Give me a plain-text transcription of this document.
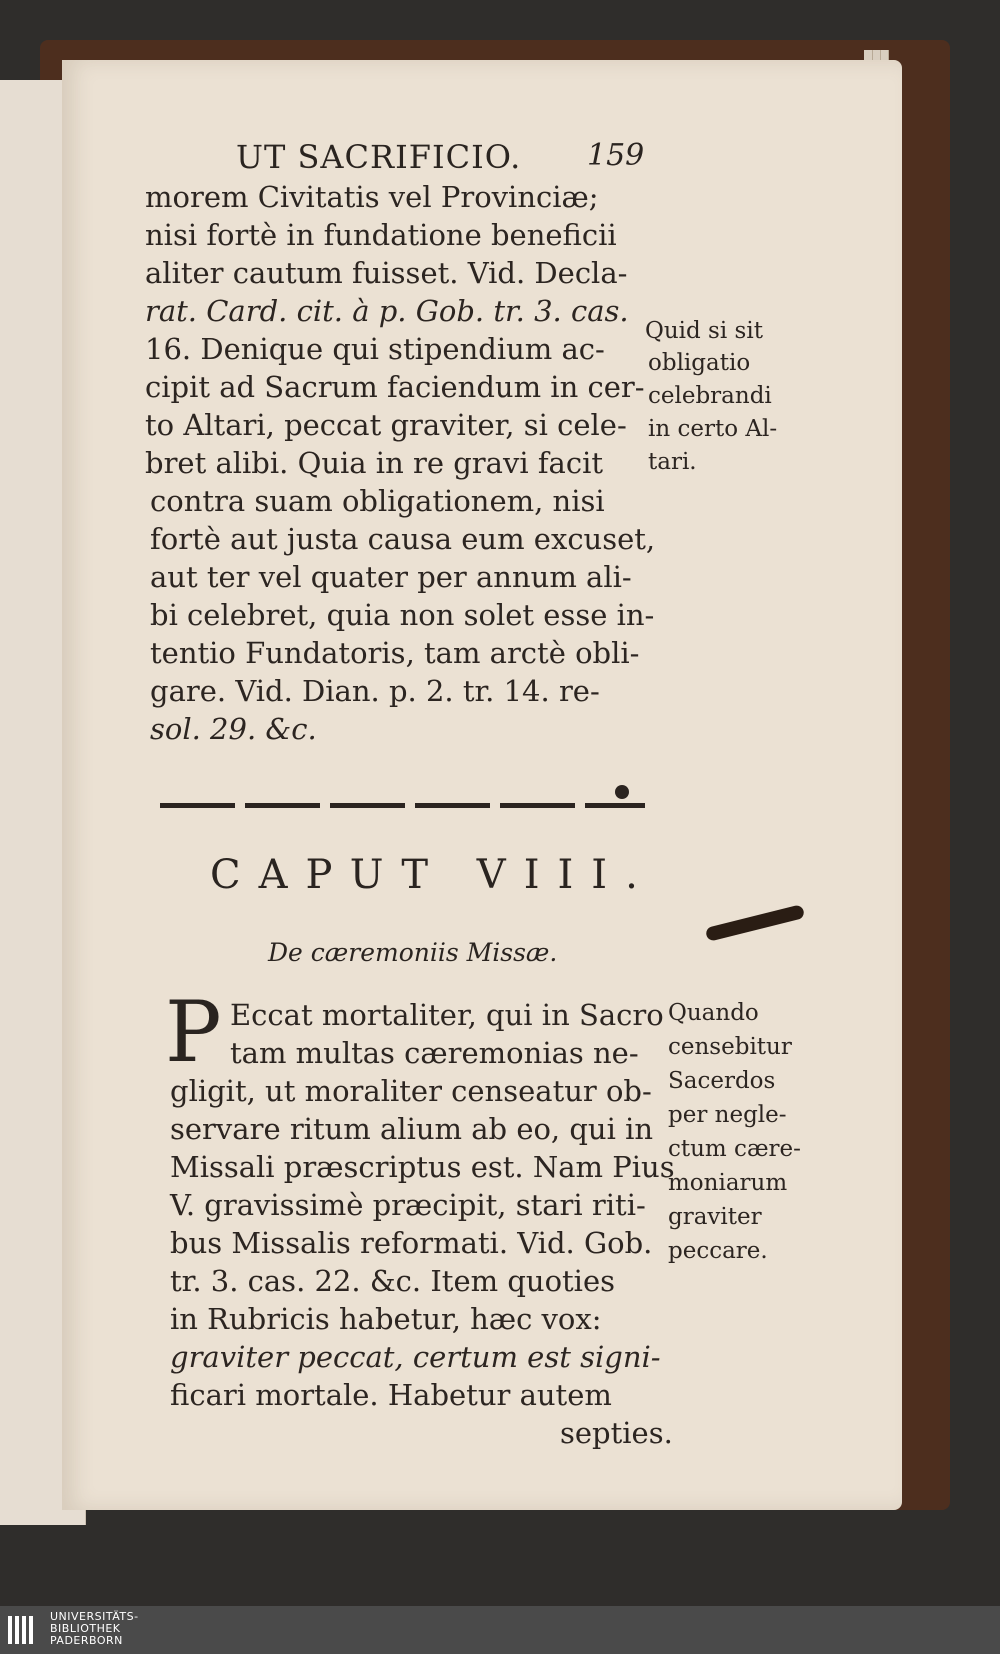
UT SACRIFICIO. 159
morem Civitatis vel Provinciæ;
nisi fortè in fundatione beneficii
aliter cautum fuisset. Vid. Decla-
rat. Card. cit. à p. Gob. tr. 3. cas.
16. Denique qui stipendium ac-
cipit ad Sacrum faciendum in cer-
to Altari, peccat graviter, si cele-
bret alibi. Quia in re gravi facit
contra suam obligationem, nisi
fortè aut justa causa eum excuset,
aut ter vel quater per annum ali-
bi celebret, quia non solet esse in-
tentio Fundatoris, tam arctè obli-
gare. Vid. Dian. p. 2. tr. 14. re-
sol. 29. &c.
Quid si sit
obligatio
celebrandi
in certo Al-
tari.
CAPUT VIII.
De cæremoniis Missæ.
P Eccat mortaliter, qui in Sacro
tam multas cæremonias ne-
gligit, ut moraliter censeatur ob-
servare ritum alium ab eo, qui in
Missali præscriptus est. Nam Pius
V. gravissimè præcipit, stari riti-
bus Missalis reformati. Vid. Gob.
tr. 3. cas. 22. &c. Item quoties
in Rubricis habetur, hæc vox:
graviter peccat, certum est signi-
ficari mortale. Habetur autem
septies.
Quando
censebitur
Sacerdos
per negle-
ctum cære-
moniarum
graviter
peccare.
UNIVERSITÄTS-
BIBLIOTHEK
PADERBORN
